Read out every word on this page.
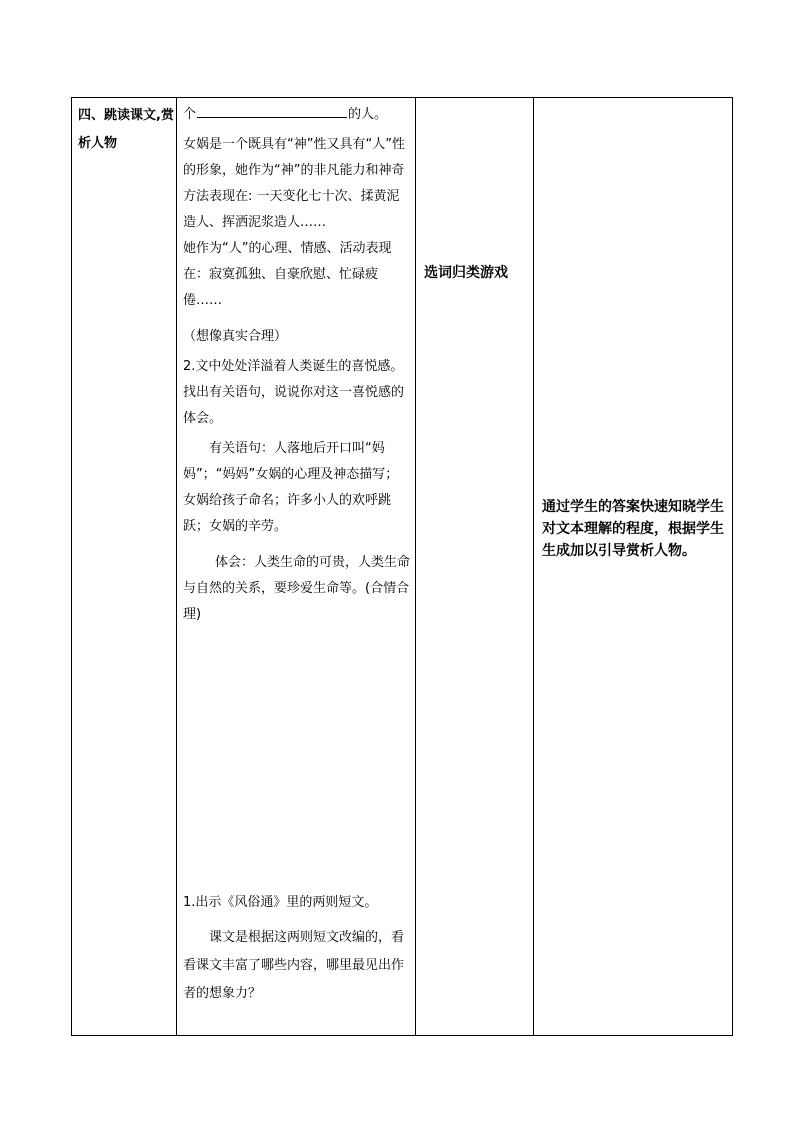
四、跳读课文,赏析人物

个	的人。

女娲是一个既具有“神”性又具有“人”性的形象，她作为“神”的非凡能力和神奇方法表现在: 一天变化七十次、揉黄泥造人、挥洒泥浆造人……

她作为“人”的心理、情感、活动表现在：寂寞孤独、自豪欣慰、忙碌疲倦……

（想像真实合理）

2.文中处处洋溢着人类诞生的喜悦感。找出有关语句，说说你对这一喜悦感的体会。

有关语句：人落地后开口叫“妈妈”；“妈妈”女娲的心理及神态描写；女娲给孩子命名；许多小人的欢呼跳跃；女娲的辛劳。

体会：人类生命的可贵，人类生命与自然的关系，要珍爱生命等。(合情合理)

1.出示《风俗通》里的两则短文。

课文是根据这两则短文改编的，看看课文丰富了哪些内容，哪里最见出作者的想象力？

选词归类游戏
通过学生的答案快速知晓学生对文本理解的程度，根据学生生成加以引导赏析人物。
